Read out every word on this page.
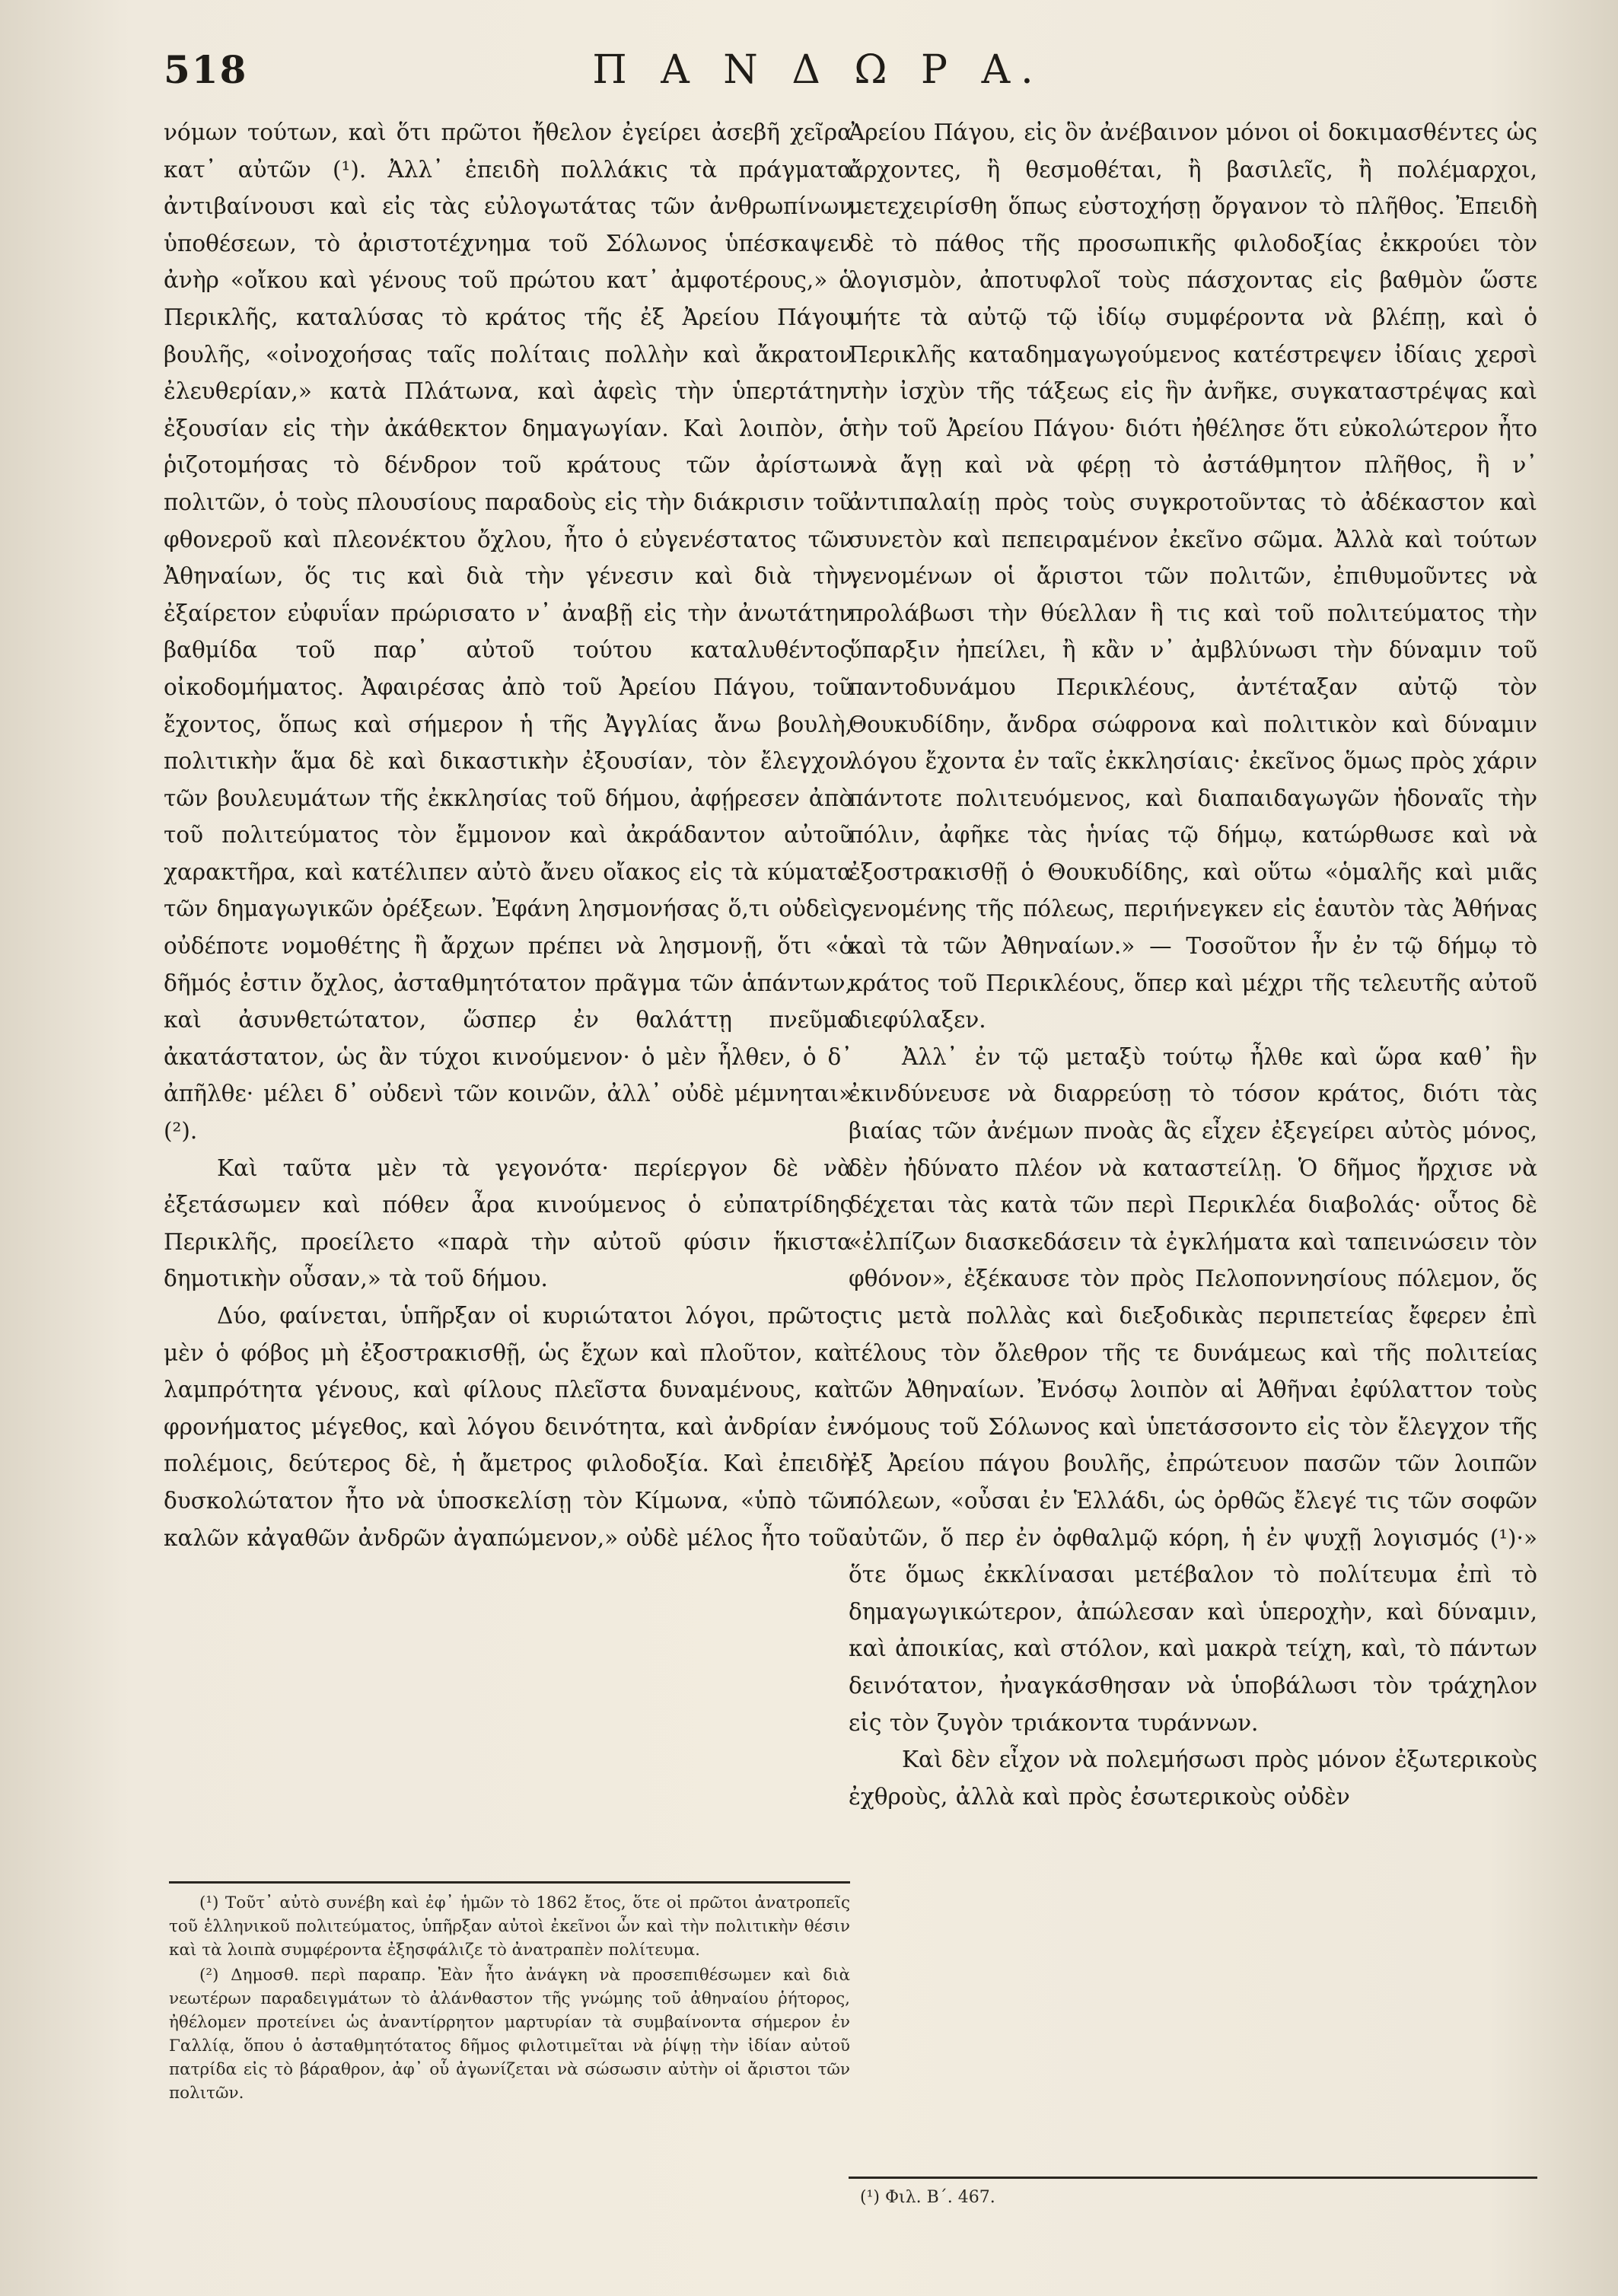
518	Π Α Ν Δ Ω Ρ Α.

νόμων τούτων, καὶ ὅτι πρῶτοι ἤθελον ἐγείρει ἀσεβῆ χεῖρα κατ᾽ αὐτῶν (¹). Ἀλλ᾽ ἐπειδὴ πολλάκις τὰ πράγματα ἀντιβαίνουσι καὶ εἰς τὰς εὐλογωτάτας τῶν ἀνθρωπίνων ὑποθέσεων, τὸ ἀριστοτέχνημα τοῦ Σόλωνος ὑπέσκαψεν ἀνὴρ «οἴκου καὶ γένους τοῦ πρώτου κατ᾽ ἀμφοτέρους,» ὁ Περικλῆς, καταλύσας τὸ κράτος τῆς ἐξ Ἀρείου Πάγου βουλῆς, «οἰνοχοήσας ταῖς πολίταις πολλὴν καὶ ἄκρατον ἐλευθερίαν,» κατὰ Πλάτωνα, καὶ ἀφεὶς τὴν ὑπερτάτην ἐξουσίαν εἰς τὴν ἀκάθεκτον δημαγωγίαν. Καὶ λοιπὸν, ὁ ῥιζοτομήσας τὸ δένδρον τοῦ κράτους τῶν ἀρίστων πολιτῶν, ὁ τοὺς πλουσίους παραδοὺς εἰς τὴν διάκρισιν τοῦ φθονεροῦ καὶ πλεονέκτου ὄχλου, ἦτο ὁ εὐγενέστατος τῶν Ἀθηναίων, ὅς τις καὶ διὰ τὴν γένεσιν καὶ διὰ τὴν ἐξαίρετον εὐφυΐαν πρώρισατο ν᾽ ἀναβῇ εἰς τὴν ἀνωτάτην βαθμίδα τοῦ παρ᾽ αὐτοῦ τούτου καταλυθέντος οἰκοδομήματος. Ἀφαιρέσας ἀπὸ τοῦ Ἀρείου Πάγου, τοῦ ἔχοντος, ὅπως καὶ σήμερον ἡ τῆς Ἀγγλίας ἄνω βουλὴ, πολιτικὴν ἅμα δὲ καὶ δικαστικὴν ἐξουσίαν, τὸν ἔλεγχον τῶν βουλευμάτων τῆς ἐκκλησίας τοῦ δήμου, ἀφῄρεσεν ἀπὸ τοῦ πολιτεύματος τὸν ἔμμονον καὶ ἀκράδαντον αὐτοῦ χαρακτῆρα, καὶ κατέλιπεν αὐτὸ ἄνευ οἴακος εἰς τὰ κύματα τῶν δημαγωγικῶν ὀρέξεων. Ἐφάνη λησμονήσας ὅ,τι οὐδεὶς οὐδέποτε νομοθέτης ἢ ἄρχων πρέπει νὰ λησμονῇ, ὅτι «ὁ δῆμός ἐστιν ὄχλος, ἀσταθμητότατον πρᾶγμα τῶν ἁπάντων, καὶ ἀσυνθετώτατον, ὥσπερ ἐν θαλάττῃ πνεῦμα ἀκατάστατον, ὡς ἂν τύχοι κινούμενον· ὁ μὲν ἦλθεν, ὁ δ᾽ ἀπῆλθε· μέλει δ᾽ οὐδενὶ τῶν κοινῶν, ἀλλ᾽ οὐδὲ μέμνηται» (²).

Καὶ ταῦτα μὲν τὰ γεγονότα· περίεργον δὲ νὰ ἐξετάσωμεν καὶ πόθεν ἆρα κινούμενος ὁ εὐπατρίδης Περικλῆς, προείλετο «παρὰ τὴν αὐτοῦ φύσιν ἥκιστα δημοτικὴν οὖσαν,» τὰ τοῦ δήμου.

Δύο, φαίνεται, ὑπῆρξαν οἱ κυριώτατοι λόγοι, πρῶτος μὲν ὁ φόβος μὴ ἐξοστρακισθῇ, ὡς ἔχων καὶ πλοῦτον, καὶ λαμπρότητα γένους, καὶ φίλους πλεῖστα δυναμένους, καὶ φρονήματος μέγεθος, καὶ λόγου δεινότητα, καὶ ἀνδρίαν ἐν πολέμοις, δεύτερος δὲ, ἡ ἄμετρος φιλοδοξία. Καὶ ἐπειδὴ δυσκολώτατον ἦτο νὰ ὑποσκελίσῃ τὸν Κίμωνα, «ὑπὸ τῶν καλῶν κἀγαθῶν ἀνδρῶν ἀγαπώμενον,» οὐδὲ μέλος ἦτο τοῦ

(¹) Τοῦτ᾽ αὐτὸ συνέβη καὶ ἐφ᾽ ἡμῶν τὸ 1862 ἔτος, ὅτε οἱ πρῶτοι ἀνατροπεῖς τοῦ ἑλληνικοῦ πολιτεύματος, ὑπῆρξαν αὐτοὶ ἐκεῖνοι ὧν καὶ τὴν πολιτικὴν θέσιν καὶ τὰ λοιπὰ συμφέροντα ἐξησφάλιζε τὸ ἀνατραπὲν πολίτευμα.

(²) Δημοσθ. περὶ παραπρ. Ἐὰν ἦτο ἀνάγκη νὰ προσεπιθέσωμεν καὶ διὰ νεωτέρων παραδειγμάτων τὸ ἀλάνθαστον τῆς γνώμης τοῦ ἀθηναίου ῥήτορος, ἠθέλομεν προτείνει ὡς ἀναντίρρητον μαρτυρίαν τὰ συμβαίνοντα σήμερον ἐν Γαλλίᾳ, ὅπου ὁ ἀσταθμητότατος δῆμος φιλοτιμεῖται νὰ ῥίψῃ τὴν ἰδίαν αὐτοῦ πατρίδα εἰς τὸ βάραθρον, ἀφ᾽ οὗ ἀγωνίζεται νὰ σώσωσιν αὐτὴν οἱ ἄριστοι τῶν πολιτῶν.

Ἀρείου Πάγου, εἰς ὃν ἀνέβαινον μόνοι οἱ δοκιμασθέντες ὡς ἄρχοντες, ἢ θεσμοθέται, ἢ βασιλεῖς, ἢ πολέμαρχοι, μετεχειρίσθη ὅπως εὐστοχήσῃ ὄργανον τὸ πλῆθος. Ἐπειδὴ δὲ τὸ πάθος τῆς προσωπικῆς φιλοδοξίας ἐκκρούει τὸν λογισμὸν, ἀποτυφλοῖ τοὺς πάσχοντας εἰς βαθμὸν ὥστε μήτε τὰ αὐτῷ τῷ ἰδίῳ συμφέροντα νὰ βλέπῃ, καὶ ὁ Περικλῆς καταδημαγωγούμενος κατέστρεψεν ἰδίαις χερσὶ τὴν ἰσχὺν τῆς τάξεως εἰς ἣν ἀνῆκε, συγκαταστρέψας καὶ τὴν τοῦ Ἀρείου Πάγου· διότι ἠθέλησε ὅτι εὐκολώτερον ἦτο νὰ ἄγῃ καὶ νὰ φέρῃ τὸ ἀστάθμητον πλῆθος, ἢ ν᾽ ἀντιπαλαίῃ πρὸς τοὺς συγκροτοῦντας τὸ ἀδέκαστον καὶ συνετὸν καὶ πεπειραμένον ἐκεῖνο σῶμα. Ἀλλὰ καὶ τούτων γενομένων οἱ ἄριστοι τῶν πολιτῶν, ἐπιθυμοῦντες νὰ προλάβωσι τὴν θύελλαν ἣ τις καὶ τοῦ πολιτεύματος τὴν ὕπαρξιν ἠπείλει, ἢ κἂν ν᾽ ἀμβλύνωσι τὴν δύναμιν τοῦ παντοδυνάμου Περικλέους, ἀντέταξαν αὐτῷ τὸν Θουκυδίδην, ἄνδρα σώφρονα καὶ πολιτικὸν καὶ δύναμιν λόγου ἔχοντα ἐν ταῖς ἐκκλησίαις· ἐκεῖνος ὅμως πρὸς χάριν πάντοτε πολιτευόμενος, καὶ διαπαιδαγωγῶν ἡδοναῖς τὴν πόλιν, ἀφῆκε τὰς ἡνίας τῷ δήμῳ, κατώρθωσε καὶ νὰ ἐξοστρακισθῇ ὁ Θουκυδίδης, καὶ οὕτω «ὁμαλῆς καὶ μιᾶς γενομένης τῆς πόλεως, περιήνεγκεν εἰς ἑαυτὸν τὰς Ἀθήνας καὶ τὰ τῶν Ἀθηναίων.» — Τοσοῦτον ἦν ἐν τῷ δήμῳ τὸ κράτος τοῦ Περικλέους, ὅπερ καὶ μέχρι τῆς τελευτῆς αὐτοῦ διεφύλαξεν.

Ἀλλ᾽ ἐν τῷ μεταξὺ τούτῳ ἦλθε καὶ ὥρα καθ᾽ ἣν ἐκινδύνευσε νὰ διαρρεύσῃ τὸ τόσον κράτος, διότι τὰς βιαίας τῶν ἀνέμων πνοὰς ἃς εἶχεν ἐξεγείρει αὐτὸς μόνος, δὲν ἠδύνατο πλέον νὰ καταστείλῃ. Ὁ δῆμος ἤρχισε νὰ δέχεται τὰς κατὰ τῶν περὶ Περικλέα διαβολάς· οὗτος δὲ «ἐλπίζων διασκεδάσειν τὰ ἐγκλήματα καὶ ταπεινώσειν τὸν φθόνον», ἐξέκαυσε τὸν πρὸς Πελοποννησίους πόλεμον, ὅς τις μετὰ πολλὰς καὶ διεξοδικὰς περιπετείας ἔφερεν ἐπὶ τέλους τὸν ὄλεθρον τῆς τε δυνάμεως καὶ τῆς πολιτείας τῶν Ἀθηναίων. Ἐνόσῳ λοιπὸν αἱ Ἀθῆναι ἐφύλαττον τοὺς νόμους τοῦ Σόλωνος καὶ ὑπετάσσοντο εἰς τὸν ἔλεγχον τῆς ἐξ Ἀρείου πάγου βουλῆς, ἐπρώτευον πασῶν τῶν λοιπῶν πόλεων, «οὖσαι ἐν Ἑλλάδι, ὡς ὀρθῶς ἔλεγέ τις τῶν σοφῶν αὐτῶν, ὅ περ ἐν ὀφθαλμῷ κόρη, ἡ ἐν ψυχῇ λογισμός (¹)·» ὅτε ὅμως ἐκκλίνασαι μετέβαλον τὸ πολίτευμα ἐπὶ τὸ δημαγωγικώτερον, ἀπώλεσαν καὶ ὑπεροχὴν, καὶ δύναμιν, καὶ ἀποικίας, καὶ στόλον, καὶ μακρὰ τείχη, καὶ, τὸ πάντων δεινότατον, ἠναγκάσθησαν νὰ ὑποβάλωσι τὸν τράχηλον εἰς τὸν ζυγὸν τριάκοντα τυράννων.

Καὶ δὲν εἶχον νὰ πολεμήσωσι πρὸς μόνον ἐξωτερικοὺς ἐχθροὺς, ἀλλὰ καὶ πρὸς ἐσωτερικοὺς οὐδὲν

(¹) Φιλ. Β΄. 467.
